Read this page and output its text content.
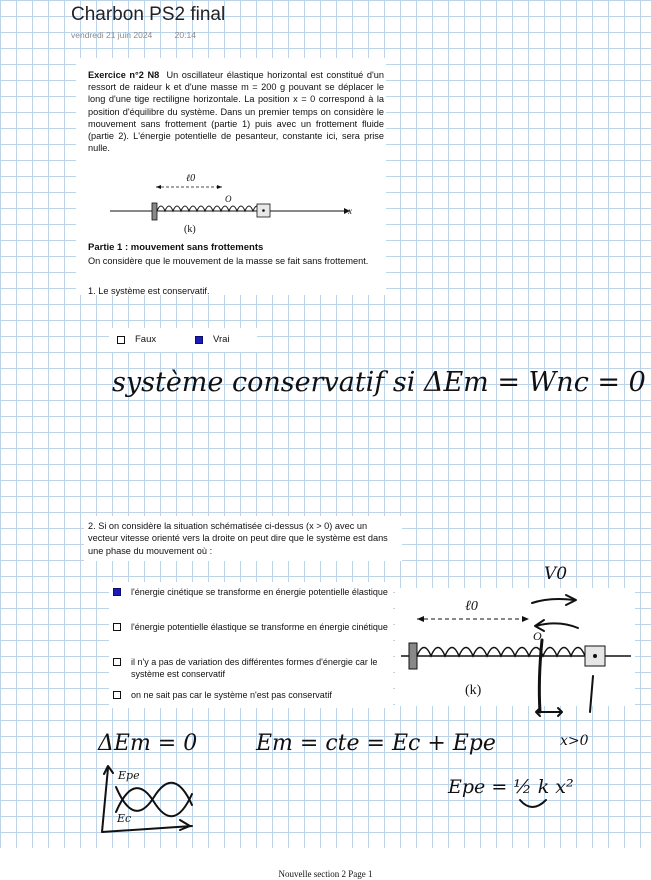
Charbon PS2 final
vendredi 21 juin 2024	20:14
Exercice n°2 N8 Un oscillateur élastique horizontal est constitué d'un ressort de raideur k et d'une masse m = 200 g pouvant se déplacer le long d'une tige rectiligne horizontale. La position x = 0 correspond à la position d'équilibre du système. Dans un premier temps on considère le mouvement sans frottement (partie 1) puis avec un frottement fluide (partie 2). L'énergie potentielle de pesanteur, constante ici, sera prise nulle.
ℓ0
O
x
(k)
Partie 1 : mouvement sans frottements
On considère que le mouvement de la masse se fait sans frottement.
1. Le système est conservatif.
Faux	Vrai
2. Si on considère la situation schématisée ci-dessus (x > 0) avec un vecteur vitesse orienté vers la droite on peut dire que le système est dans une phase du mouvement où :
l'énergie cinétique se transforme en énergie potentielle élastique
l'énergie potentielle élastique se transforme en énergie cinétique
il n'y a pas de variation des différentes formes d'énergie car le système est conservatif
on ne sait pas car le système n'est pas conservatif
ℓ0
O
(k)
système conservatif si ΔEm = Wnc = 0
V0
x>0
ΔEm = 0	Em = cte = Ec + Epe
Epe = ½ k x²
Epe
Ec
Nouvelle section 2 Page 1
